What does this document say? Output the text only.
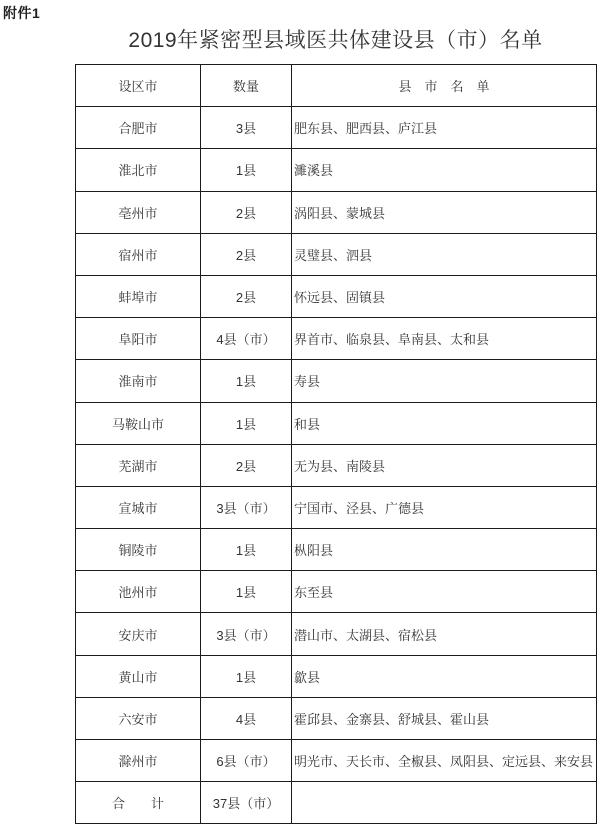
附件1
2019年紧密型县域医共体建设县（市）名单
设区市	数量	县　市　名　单
合肥市	3县	肥东县、肥西县、庐江县
淮北市	1县	濉溪县
亳州市	2县	涡阳县、蒙城县
宿州市	2县	灵璧县、泗县
蚌埠市	2县	怀远县、固镇县
阜阳市	4县（市）	界首市、临泉县、阜南县、太和县
淮南市	1县	寿县
马鞍山市	1县	和县
芜湖市	2县	无为县、南陵县
宣城市	3县（市）	宁国市、泾县、广德县
铜陵市	1县	枞阳县
池州市	1县	东至县
安庆市	3县（市）	潜山市、太湖县、宿松县
黄山市	1县	歙县
六安市	4县	霍邱县、金寨县、舒城县、霍山县
滁州市	6县（市）	明光市、天长市、全椒县、凤阳县、定远县、来安县
合　　计	37县（市）	
